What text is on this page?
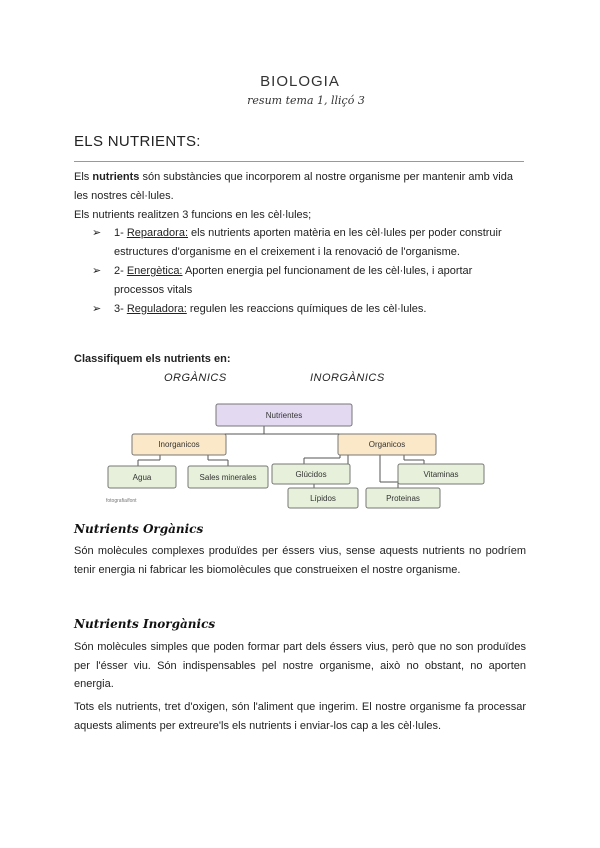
BIOLOGIA
resum tema 1, lliçó 3
ELS NUTRIENTS:
Els nutrients són substàncies que incorporem al nostre organisme per mantenir amb vida les nostres cèl·lules.
Els nutrients realitzen 3 funcions en les cèl·lules;
➢ 1- Reparadora: els nutrients aporten matèria en les cèl·lules per poder construir estructures d'organisme en el creixement i la renovació de l'organisme.
➢ 2- Energètica: Aporten energia pel funcionament de les cèl·lules, i aportar processos vitals
➢ 3- Reguladora: regulen les reaccions químiques de les cèl·lules.
Classifiquem els nutrients en:
ORGÀNICS	INORGÀNICS
Nutrientes
Inorganicos	Organicos
Agua	Sales minerales	Glúcidos	Vitaminas
Lípidos	Proteinas
fotografia/font
Nutrients Orgànics
Són molècules complexes produïdes per éssers vius, sense aquests nutrients no podríem tenir energia ni fabricar les biomolècules que construeixen el nostre organisme.
Nutrients Inorgànics
Són molècules simples que poden formar part dels éssers vius, però que no son produïdes per l'ésser viu. Són indispensables pel nostre organisme, això no obstant, no aporten energia.
Tots els nutrients, tret d'oxigen, són l'aliment que ingerim. El nostre organisme fa processar aquests aliments per extreure'ls els nutrients i enviar-los cap a les cèl·lules.
